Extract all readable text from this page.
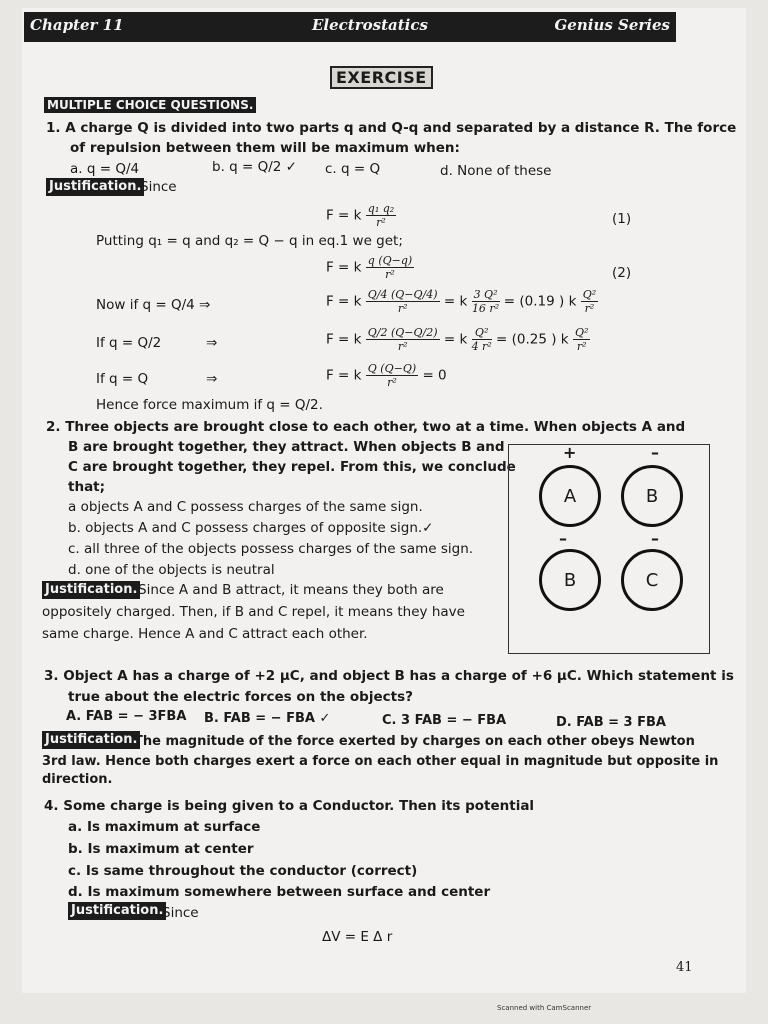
Chapter 11	Electrostatics	Genius Series
EXERCISE
MULTIPLE CHOICE QUESTIONS.
1. A charge Q is divided into two parts q and Q-q and separated by a distance R. The force
of repulsion between them will be maximum when:
a. q = Q/4	b. q = Q/2 ✓ c. q = Q	d. None of these
Justification.
Since
F = k $\frac{\text{q₁ q₂}}{\text{r²}}$	(1)
Putting q₁ = q and q₂ = Q − q in eq.1 we get;
F = k $\frac{q (Q-q)}{\text{r²}}$	(2)
Now if q = Q/4 ⇒	F = k $\frac{Q/4 (Q-Q/4)}{\text{r²}} = k \frac{\text{3 Q²}}{\text{16 r²}} = (0.19$ ) k $\frac{\text{Q²}}{\text{r²}}$
If q = Q/2	⇒	F = k $\frac{Q/2 (Q-Q/2)}{\text{r²}} = k \frac{\text{Q²}}{\text{4 r²}} = (0.25$ ) k $\frac{\text{Q²}}{\text{r²}}$
If q = Q	⇒	F = k $\frac{Q (Q-Q)}{\text{r²}} = 0$
Hence force maximum if q = Q/2.
2. Three objects are brought close to each other, two at a time. When objects A and
B are brought together, they attract. When objects B and
C are brought together, they repel. From this, we conclude
that;
a objects A and C possess charges of the same sign.
b. objects A and C possess charges of opposite sign.✓
c. all three of the objects possess charges of the same sign.
d. one of the objects is neutral
Justification. Since A and B attract, it means they both are
oppositely charged. Then, if B and C repel, it means they have
same charge. Hence A and C attract each other.
+	–
A	B
–	–
B	C
3. Object A has a charge of +2 μC, and object B has a charge of +6 μC. Which statement is
true about the electric forces on the objects?
A. FAB = − 3FBA B. FAB = − FBA ✓	C. 3 FAB = − FBA	D. FAB = 3 FBA
Justification.
The magnitude of the force exerted by charges on each other obeys Newton
3rd law. Hence both charges exert a force on each other equal in magnitude but opposite in
direction.
4. Some charge is being given to a Conductor. Then its potential
a. Is maximum at surface
b. Is maximum at center
c. Is same throughout the conductor (correct)
d. Is maximum somewhere between surface and center
Justification.
Since
ΔV = E Δ r
41
Scanned with CamScanner
